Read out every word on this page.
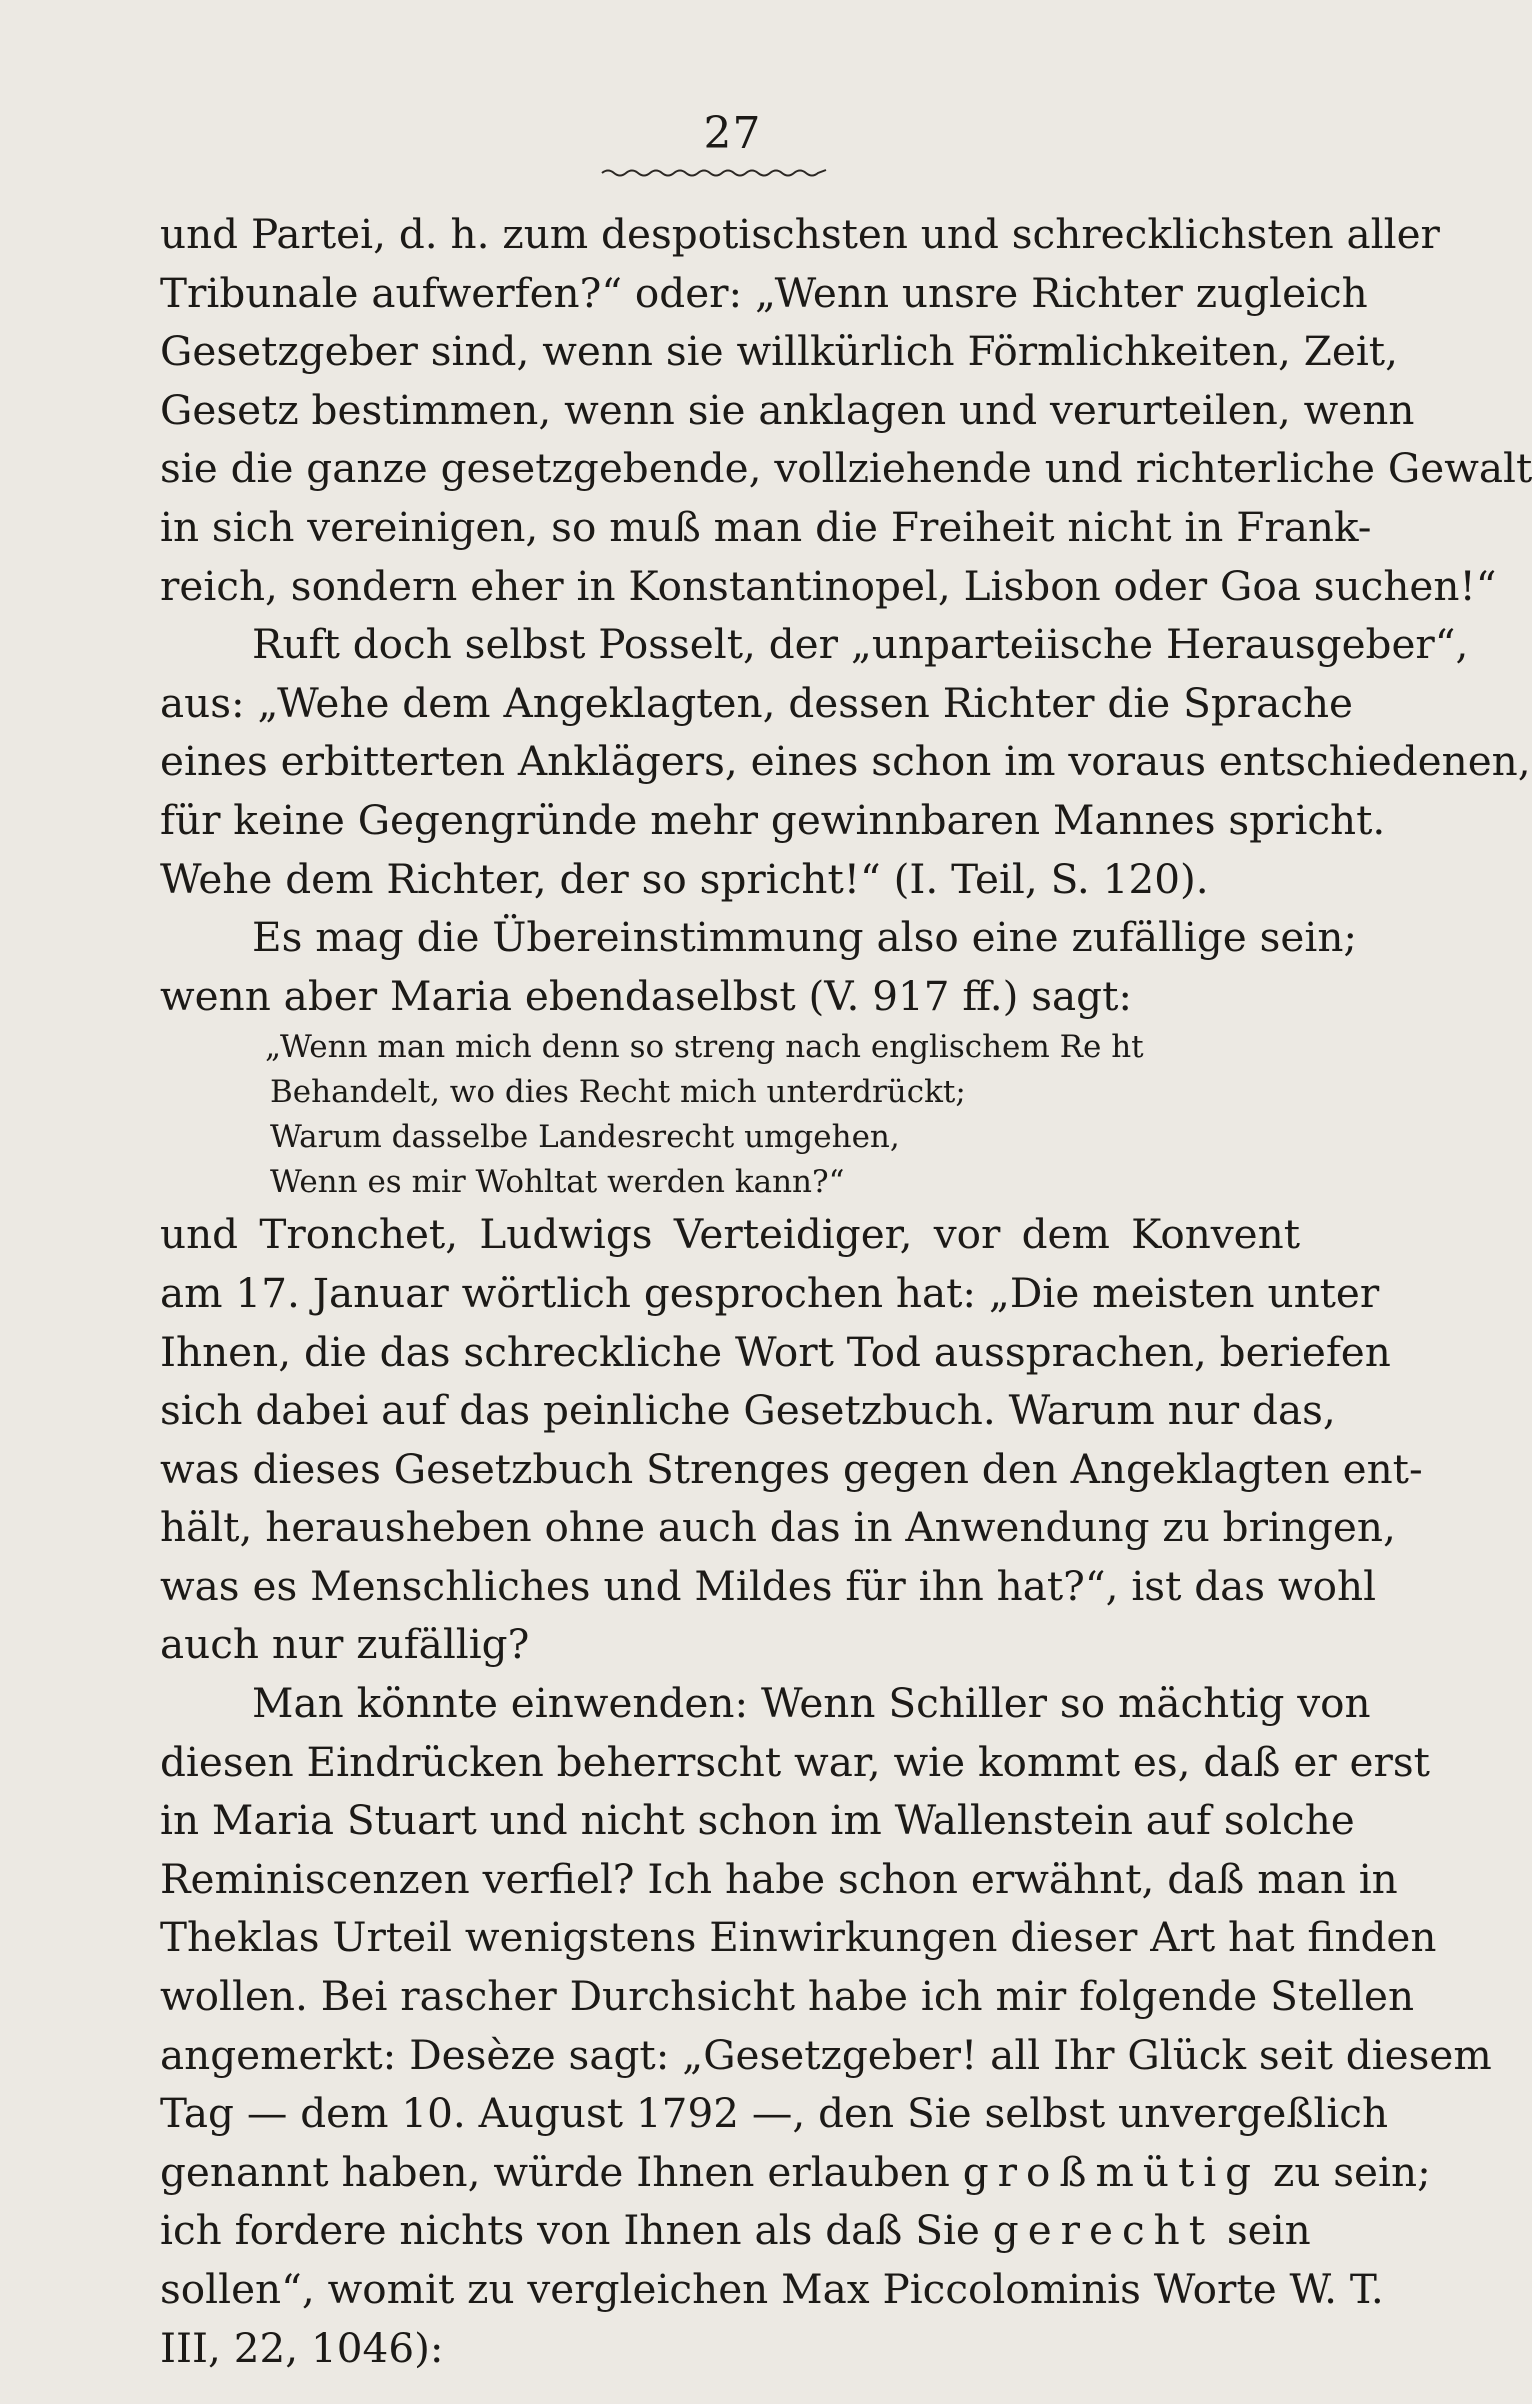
27
und Partei, d. h. zum despotischsten und schrecklichsten aller
Tribunale aufwerfen?“ oder: „Wenn unsre Richter zugleich
Gesetzgeber sind, wenn sie willkürlich Förmlichkeiten, Zeit,
Gesetz bestimmen, wenn sie anklagen und verurteilen, wenn
sie die ganze gesetzgebende, vollziehende und richterliche Gewalt
in sich vereinigen, so muß man die Freiheit nicht in Frank-
reich, sondern eher in Konstantinopel, Lisbon oder Goa suchen!“
Ruft doch selbst Posselt, der „unparteiische Herausgeber“,
aus: „Wehe dem Angeklagten, dessen Richter die Sprache
eines erbitterten Anklägers, eines schon im voraus entschiedenen,
für keine Gegengründe mehr gewinnbaren Mannes spricht.
Wehe dem Richter, der so spricht!“ (I. Teil, S. 120).
Es mag die Übereinstimmung also eine zufällige sein;
wenn aber Maria ebendaselbst (V. 917 ff.) sagt:
„Wenn man mich denn so streng nach englischem Re ht
Behandelt, wo dies Recht mich unterdrückt;
Warum dasselbe Landesrecht umgehen,
Wenn es mir Wohltat werden kann?“
und Tronchet, Ludwigs Verteidiger, vor dem Konvent
am 17. Januar wörtlich gesprochen hat: „Die meisten unter
Ihnen, die das schreckliche Wort Tod aussprachen, beriefen
sich dabei auf das peinliche Gesetzbuch. Warum nur das,
was dieses Gesetzbuch Strenges gegen den Angeklagten ent-
hält, herausheben ohne auch das in Anwendung zu bringen,
was es Menschliches und Mildes für ihn hat?“, ist das wohl
auch nur zufällig?
Man könnte einwenden: Wenn Schiller so mächtig von
diesen Eindrücken beherrscht war, wie kommt es, daß er erst
in Maria Stuart und nicht schon im Wallenstein auf solche
Reminiscenzen verfiel? Ich habe schon erwähnt, daß man in
Theklas Urteil wenigstens Einwirkungen dieser Art hat finden
wollen. Bei rascher Durchsicht habe ich mir folgende Stellen
angemerkt: Desèze sagt: „Gesetzgeber! all Ihr Glück seit diesem
Tag — dem 10. August 1792 —, den Sie selbst unvergeßlich
genannt haben, würde Ihnen erlauben großmütig zu sein;
ich fordere nichts von Ihnen als daß Sie gerecht sein
sollen“, womit zu vergleichen Max Piccolominis Worte W. T.
III, 22, 1046):
